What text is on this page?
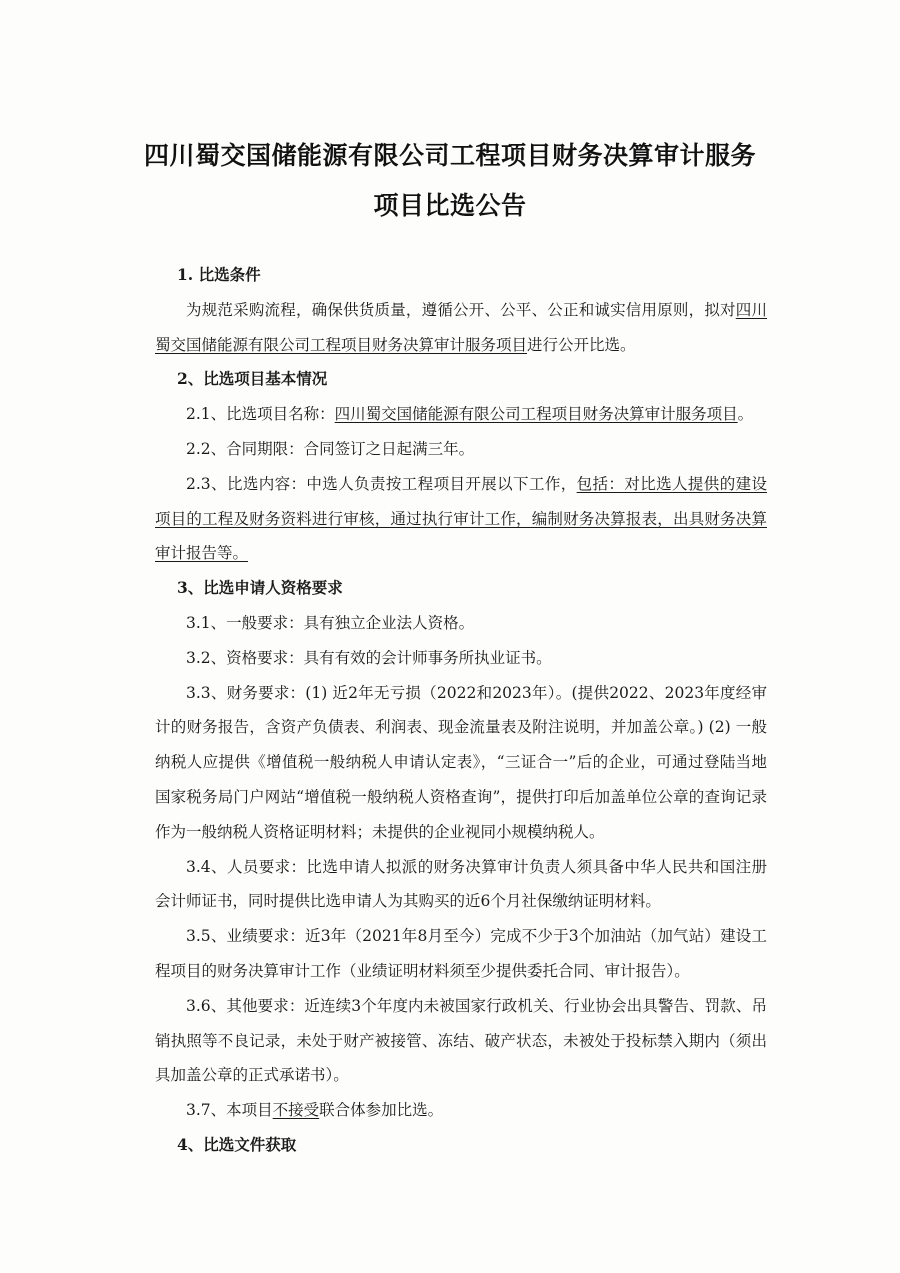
四川蜀交国储能源有限公司工程项目财务决算审计服务
项目比选公告
1. 比选条件
为规范采购流程，确保供货质量，遵循公开、公平、公正和诚实信用原则，拟对四川蜀交国储能源有限公司工程项目财务决算审计服务项目进行公开比选。
2、比选项目基本情况
2.1、比选项目名称：四川蜀交国储能源有限公司工程项目财务决算审计服务项目。
2.2、合同期限：合同签订之日起满三年。
2.3、比选内容：中选人负责按工程项目开展以下工作，包括：对比选人提供的建设项目的工程及财务资料进行审核，通过执行审计工作，编制财务决算报表，出具财务决算审计报告等。
3、比选申请人资格要求
3.1、一般要求：具有独立企业法人资格。
3.2、资格要求：具有有效的会计师事务所执业证书。
3.3、财务要求：(1) 近2年无亏损（2022和2023年）。(提供2022、2023年度经审计的财务报告，含资产负债表、利润表、现金流量表及附注说明，并加盖公章。) (2) 一般纳税人应提供《增值税一般纳税人申请认定表》，“三证合一”后的企业，可通过登陆当地国家税务局门户网站“增值税一般纳税人资格查询”，提供打印后加盖单位公章的查询记录作为一般纳税人资格证明材料；未提供的企业视同小规模纳税人。
3.4、人员要求：比选申请人拟派的财务决算审计负责人须具备中华人民共和国注册会计师证书，同时提供比选申请人为其购买的近6个月社保缴纳证明材料。
3.5、业绩要求：近3年（2021年8月至今）完成不少于3个加油站（加气站）建设工程项目的财务决算审计工作（业绩证明材料须至少提供委托合同、审计报告）。
3.6、其他要求：近连续3个年度内未被国家行政机关、行业协会出具警告、罚款、吊销执照等不良记录，未处于财产被接管、冻结、破产状态，未被处于投标禁入期内（须出具加盖公章的正式承诺书）。
3.7、本项目不接受联合体参加比选。
4、比选文件获取
